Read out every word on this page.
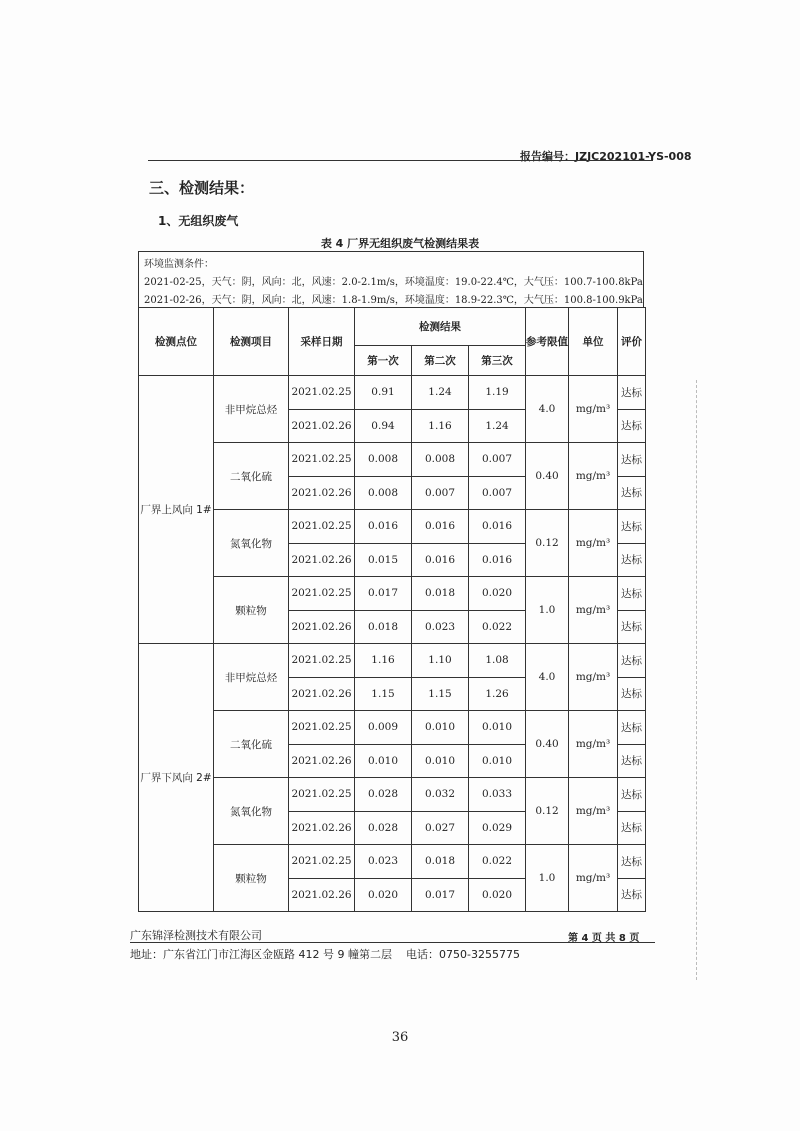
报告编号：JZJC202101-YS-008
三、检测结果：
1、无组织废气
表 4 厂界无组织废气检测结果表
环境监测条件：
2021-02-25，天气：阴，风向：北，风速：2.0-2.1m/s，环境温度：19.0-22.4℃，大气压：100.7-100.8kPa
2021-02-26，天气：阴，风向：北，风速：1.8-1.9m/s，环境温度：18.9-22.3℃，大气压：100.8-100.9kPa
检测点位	检测项目	采样日期	检测结果			参考限值	单位	评价
			第一次	第二次	第三次			
厂界上风向 1#	非甲烷总烃	2021.02.25	0.91	1.24	1.19	4.0	mg/m³	达标
		2021.02.26	0.94	1.16	1.24			达标
	二氧化硫	2021.02.25	0.008	0.008	0.007	0.40	mg/m³	达标
		2021.02.26	0.008	0.007	0.007			达标
	氮氧化物	2021.02.25	0.016	0.016	0.016	0.12	mg/m³	达标
		2021.02.26	0.015	0.016	0.016			达标
	颗粒物	2021.02.25	0.017	0.018	0.020	1.0	mg/m³	达标
		2021.02.26	0.018	0.023	0.022			达标
厂界下风向 2#	非甲烷总烃	2021.02.25	1.16	1.10	1.08	4.0	mg/m³	达标
		2021.02.26	1.15	1.15	1.26			达标
	二氧化硫	2021.02.25	0.009	0.010	0.010	0.40	mg/m³	达标
		2021.02.26	0.010	0.010	0.010			达标
	氮氧化物	2021.02.25	0.028	0.032	0.033	0.12	mg/m³	达标
		2021.02.26	0.028	0.027	0.029			达标
	颗粒物	2021.02.25	0.023	0.018	0.022	1.0	mg/m³	达标
		2021.02.26	0.020	0.017	0.020			达标
广东锦泽检测技术有限公司	第 4 页 共 8 页
地址：广东省江门市江海区金瓯路 412 号 9 幢第二层 电话：0750-3255775
36
